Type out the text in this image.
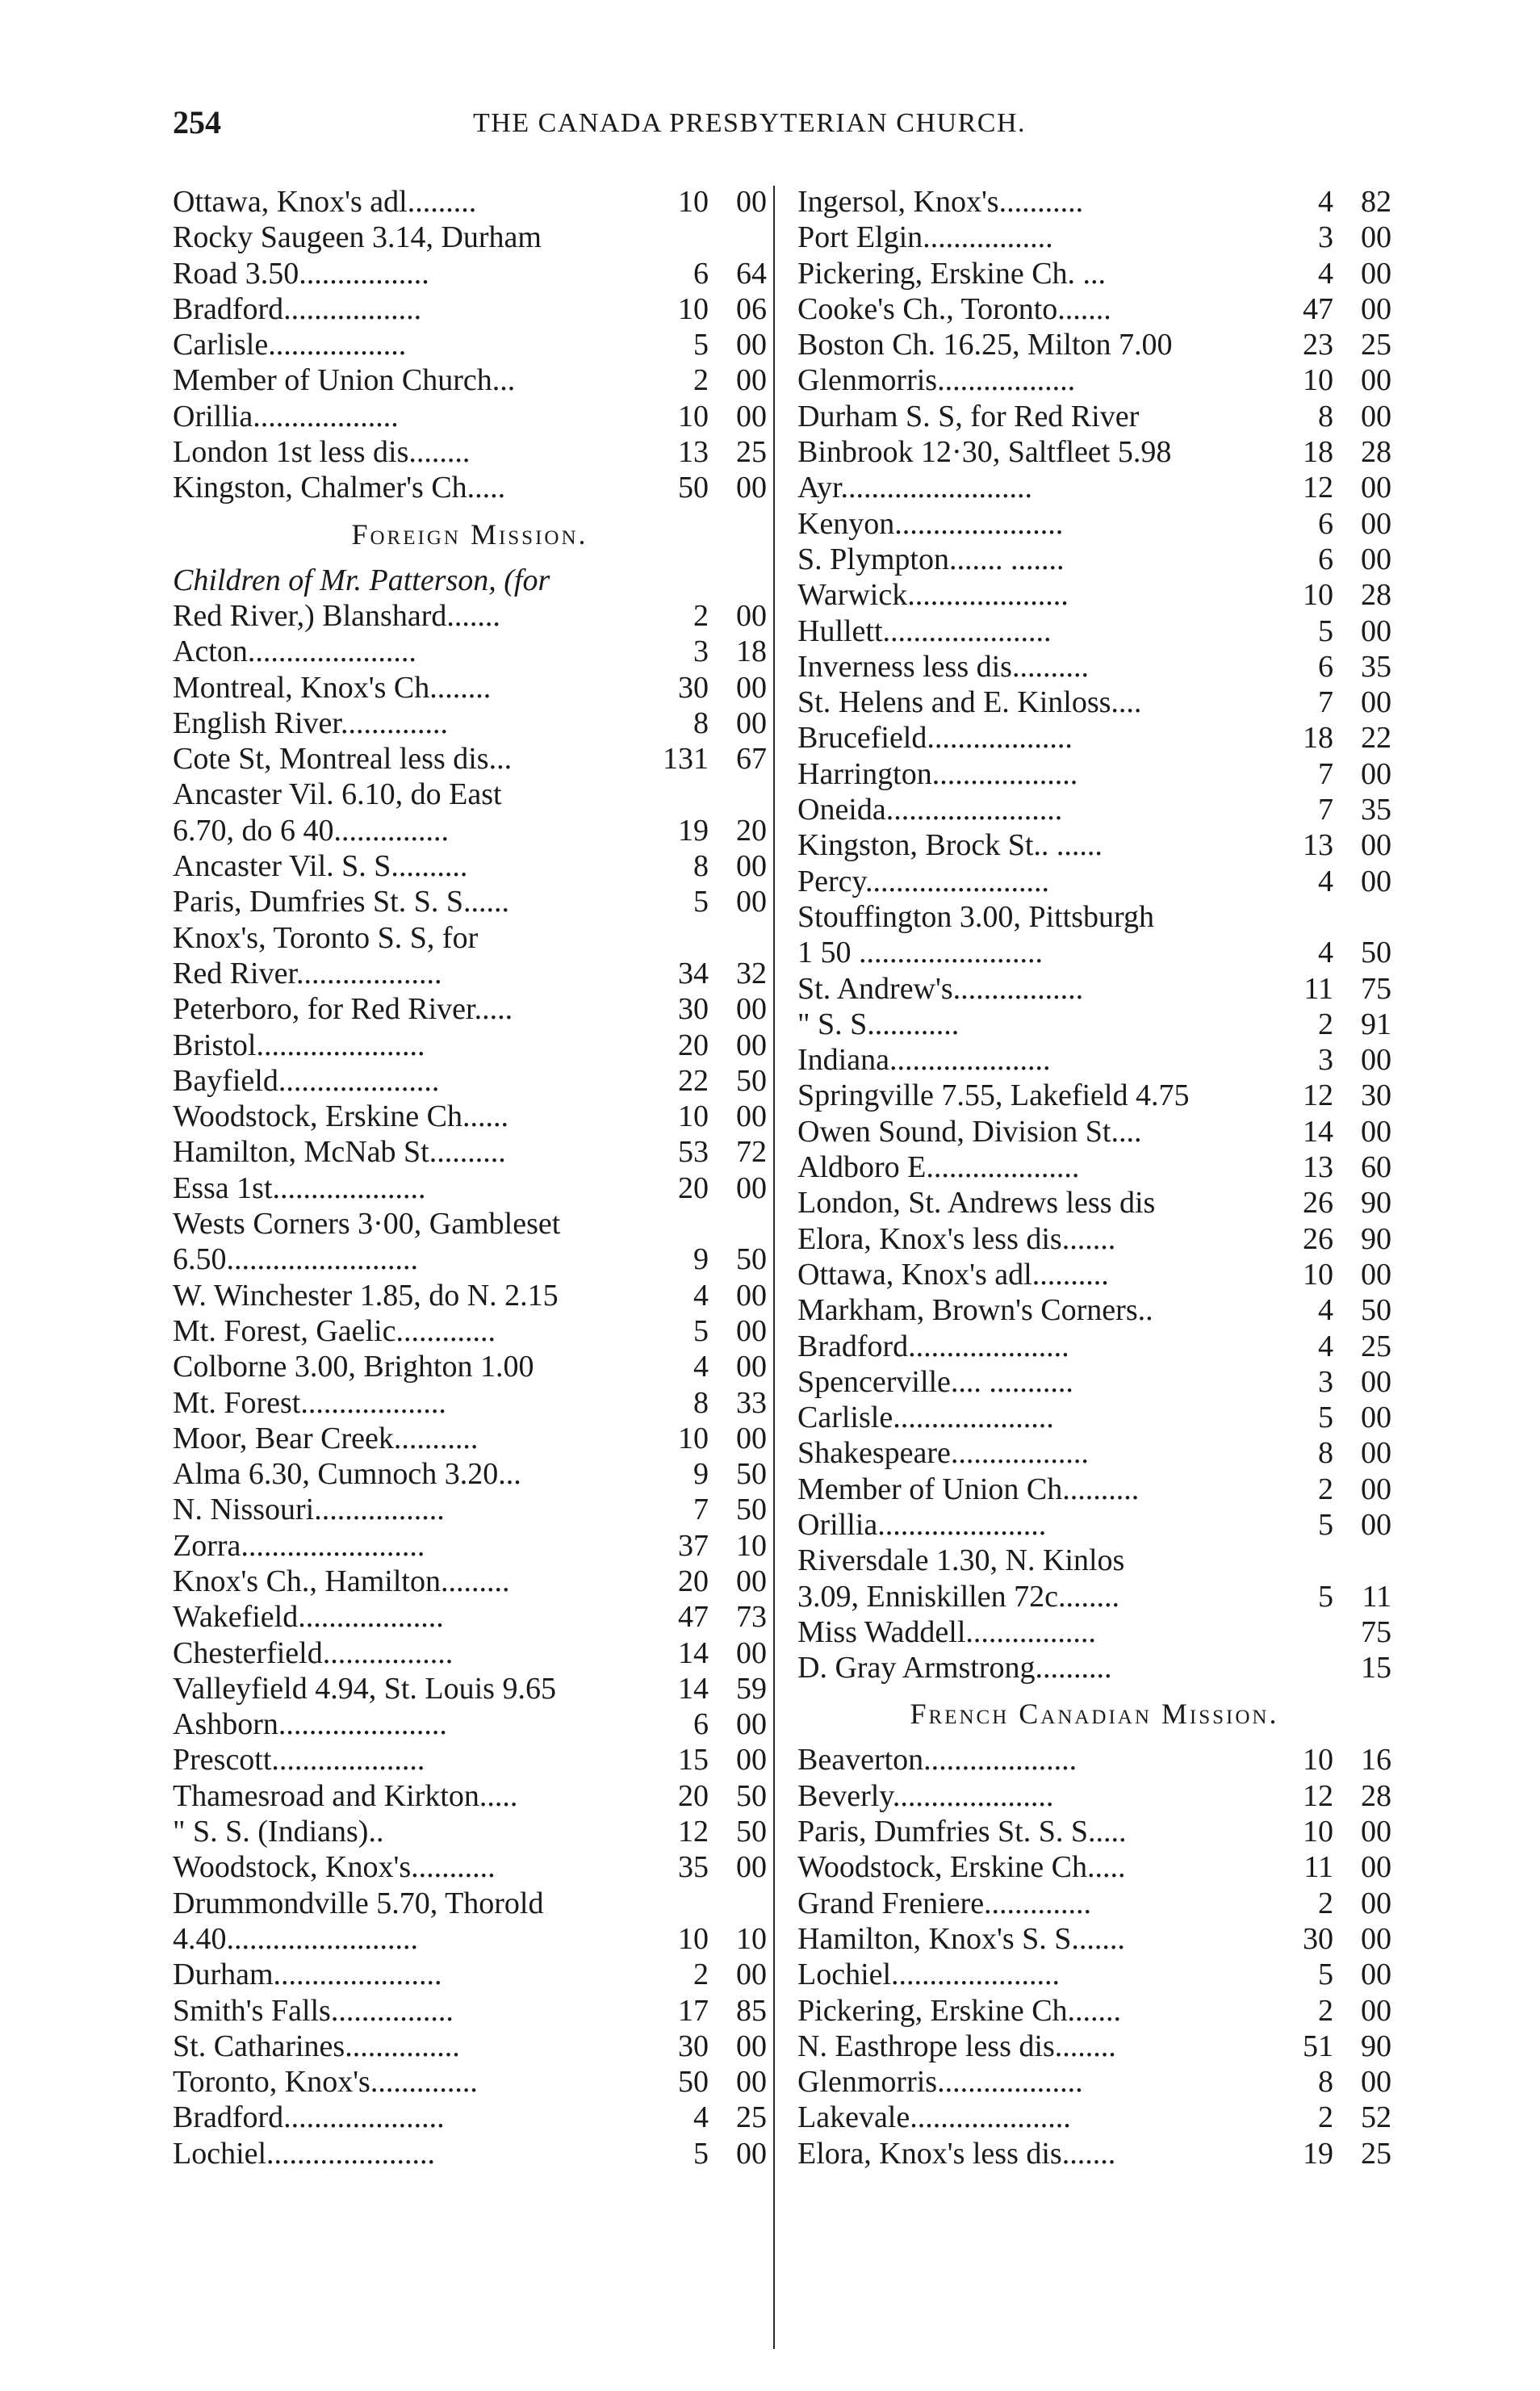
254	THE CANADA PRESBYTERIAN CHURCH.
Ottawa, Knox's adl.........	10 00
Rocky Saugeen 3.14, Durham
Road 3.50.................	6 64
Bradford..................	10 06
Carlisle..................	5 00
Member of Union Church...	2 00
Orillia...................	10 00
London 1st less dis........	13 25
Kingston, Chalmer's Ch.....	50 00
Foreign Mission.
Children of Mr. Patterson, (for
Red River,) Blanshard.......	2 00
Acton......................	3 18
Montreal, Knox's Ch........	30 00
English River..............	8 00
Cote St, Montreal less dis...	131 67
Ancaster Vil. 6.10, do East
6.70, do 6 40...............	19 20
Ancaster Vil. S. S..........	8 00
Paris, Dumfries St. S. S......	5 00
Knox's, Toronto S. S, for
Red River...................	34 32
Peterboro, for Red River.....	30 00
Bristol......................	20 00
Bayfield.....................	22 50
Woodstock, Erskine Ch......	10 00
Hamilton, McNab St..........	53 72
Essa 1st....................	20 00
Wests Corners 3·00, Gambleset
6.50.........................	9 50
W. Winchester 1.85, do N. 2.15	4 00
Mt. Forest, Gaelic.............	5 00
Colborne 3.00, Brighton 1.00	4 00
Mt. Forest...................	8 33
Moor, Bear Creek...........	10 00
Alma 6.30, Cumnoch 3.20...	9 50
N. Nissouri.................	7 50
Zorra........................	37 10
Knox's Ch., Hamilton.........	20 00
Wakefield...................	47 73
Chesterfield.................	14 00
Valleyfield 4.94, St. Louis 9.65	14 59
Ashborn......................	6 00
Prescott....................	15 00
Thamesroad and Kirkton.....	20 50
" S. S. (Indians)..	12 50
Woodstock, Knox's...........	35 00
Drummondville 5.70, Thorold
4.40.........................	10 10
Durham......................	2 00
Smith's Falls................	17 85
St. Catharines...............	30 00
Toronto, Knox's..............	50 00
Bradford.....................	4 25
Lochiel......................	5 00
Ingersol, Knox's...........	4 82
Port Elgin.................	3 00
Pickering, Erskine Ch. ...	4 00
Cooke's Ch., Toronto.......	47 00
Boston Ch. 16.25, Milton 7.00	23 25
Glenmorris..................	10 00
Durham S. S, for Red River	8 00
Binbrook 12·30, Saltfleet 5.98	18 28
Ayr.........................	12 00
Kenyon......................	6 00
S. Plympton....... .......	6 00
Warwick.....................	10 28
Hullett......................	5 00
Inverness less dis..........	6 35
St. Helens and E. Kinloss....	7 00
Brucefield...................	18 22
Harrington...................	7 00
Oneida.......................	7 35
Kingston, Brock St.. ......	13 00
Percy........................	4 00
Stouffington 3.00, Pittsburgh
1 50 ........................	4 50
St. Andrew's.................	11 75
" S. S............	2 91
Indiana.....................	3 00
Springville 7.55, Lakefield 4.75	12 30
Owen Sound, Division St....	14 00
Aldboro E....................	13 60
London, St. Andrews less dis	26 90
Elora, Knox's less dis.......	26 90
Ottawa, Knox's adl..........	10 00
Markham, Brown's Corners..	4 50
Bradford.....................	4 25
Spencerville.... ...........	3 00
Carlisle.....................	5 00
Shakespeare..................	8 00
Member of Union Ch..........	2 00
Orillia......................	5 00
Riversdale 1.30, N. Kinlos
3.09, Enniskillen 72c........	5 11
Miss Waddell.................	75
D. Gray Armstrong..........	15
French Canadian Mission.
Beaverton....................	10 16
Beverly.....................	12 28
Paris, Dumfries St. S. S.....	10 00
Woodstock, Erskine Ch.....	11 00
Grand Freniere..............	2 00
Hamilton, Knox's S. S.......	30 00
Lochiel......................	5 00
Pickering, Erskine Ch.......	2 00
N. Easthrope less dis........	51 90
Glenmorris...................	8 00
Lakevale.....................	2 52
Elora, Knox's less dis.......	19 25
